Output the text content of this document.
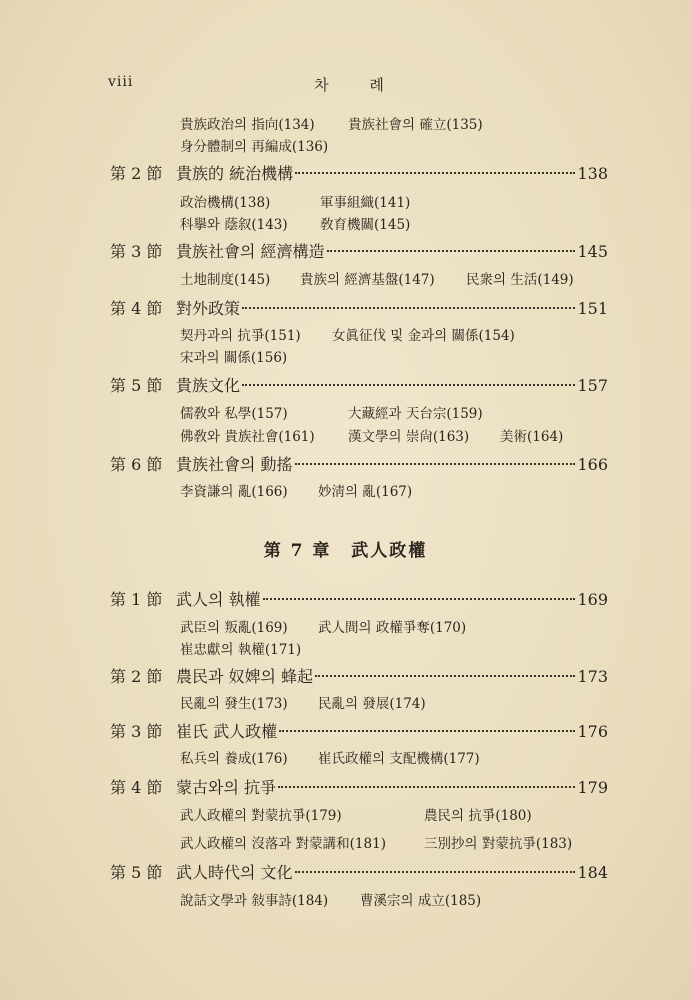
viii	차 례
貴族政治의 指向(134) 貴族社會의 確立(135)
身分體制의 再編成(136)
第 2 節 貴族的 統治機構	138
政治機構(138)	軍事組織(141)
科擧와 蔭叙(143) 敎育機關(145)
第 3 節 貴族社會의 經濟構造	145
土地制度(145) 貴族의 經濟基盤(147) 民衆의 生活(149)
第 4 節 對外政策	151
契丹과의 抗爭(151) 女眞征伐 및 金과의 關係(154)
宋과의 關係(156)
第 5 節 貴族文化	157
儒敎와 私學(157)	大藏經과 天台宗(159)
佛敎와 貴族社會(161) 漢文學의 崇尙(163) 美術(164)
第 6 節 貴族社會의 動搖	166
李資謙의 亂(166) 妙淸의 亂(167)
第 7 章 武人政權
第 1 節 武人의 執權	169
武臣의 叛亂(169) 武人間의 政權爭奪(170)
崔忠獻의 執權(171)
第 2 節 農民과 奴婢의 蜂起	173
民亂의 發生(173) 民亂의 發展(174)
第 3 節 崔氏 武人政權	176
私兵의 養成(176) 崔氏政權의 支配機構(177)
第 4 節 蒙古와의 抗爭	179
武人政權의 對蒙抗爭(179)	農民의 抗爭(180)
武人政權의 沒落과 對蒙講和(181)	三別抄의 對蒙抗爭(183)
第 5 節 武人時代의 文化	184
說話文學과 敍事詩(184) 曹溪宗의 成立(185)
